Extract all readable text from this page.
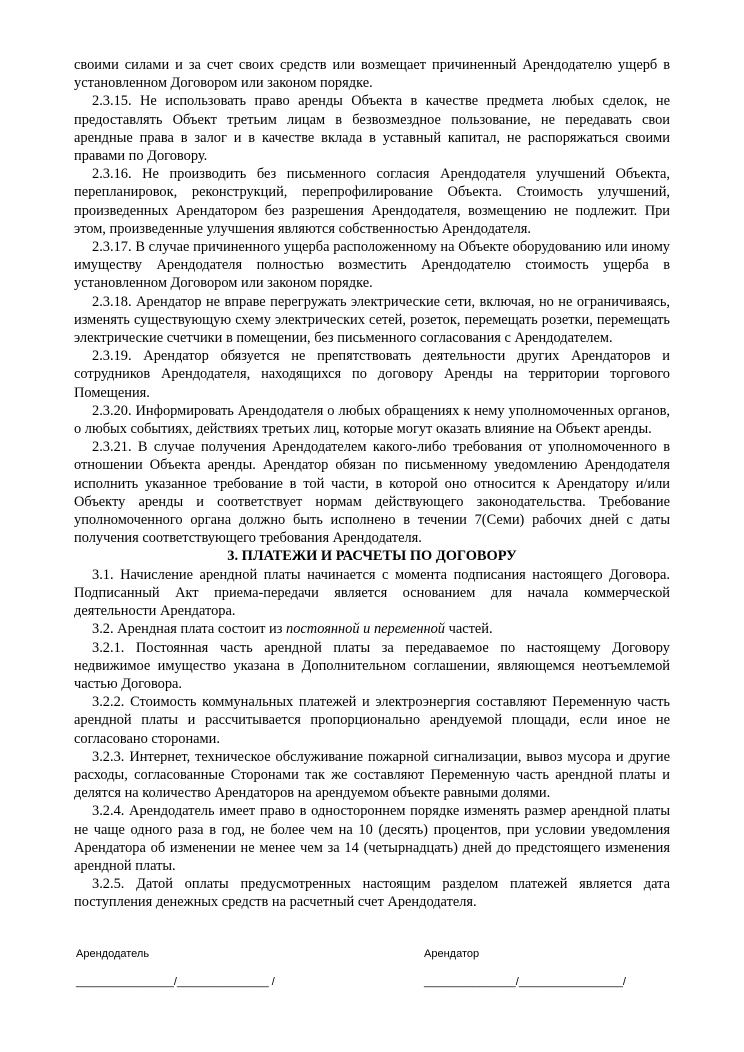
своими силами и за счет своих средств или возмещает причиненный Арендодателю ущерб в установленном Договором или законом порядке.

2.3.15. Не использовать право аренды Объекта в качестве предмета любых сделок, не предоставлять Объект третьим лицам в безвозмездное пользование, не передавать свои арендные права в залог и в качестве вклада в уставный капитал, не распоряжаться своими правами по Договору.

2.3.16. Не производить без письменного согласия Арендодателя улучшений Объекта, перепланировок, реконструкций, перепрофилирование Объекта. Стоимость улучшений, произведенных Арендатором без разрешения Арендодателя, возмещению не подлежит. При этом, произведенные улучшения являются собственностью Арендодателя.

2.3.17. В случае причиненного ущерба расположенному на Объекте оборудованию или иному имуществу Арендодателя полностью возместить Арендодателю стоимость ущерба в установленном Договором или законом порядке.

2.3.18. Арендатор не вправе перегружать электрические сети, включая, но не ограничиваясь, изменять существующую схему электрических сетей, розеток, перемещать розетки, перемещать электрические счетчики в помещении, без письменного согласования с Арендодателем.

2.3.19. Арендатор обязуется не препятствовать деятельности других Арендаторов и сотрудников Арендодателя, находящихся по договору Аренды на территории торгового Помещения.

2.3.20. Информировать Арендодателя о любых обращениях к нему уполномоченных органов, о любых событиях, действиях третьих лиц, которые могут оказать влияние на Объект аренды.

2.3.21. В случае получения Арендодателем какого-либо требования от уполномоченного в отношении Объекта аренды. Арендатор обязан по письменному уведомлению Арендодателя исполнить указанное требование в той части, в которой оно относится к Арендатору и/или Объекту аренды и соответствует нормам действующего законодательства. Требование уполномоченного органа должно быть исполнено в течении 7(Семи) рабочих дней с даты получения соответствующего требования Арендодателя.

3. ПЛАТЕЖИ И РАСЧЕТЫ ПО ДОГОВОРУ

3.1. Начисление арендной платы начинается с момента подписания настоящего Договора. Подписанный Акт приема-передачи является основанием для начала коммерческой деятельности Арендатора.

3.2. Арендная плата состоит из постоянной и переменной частей.

3.2.1. Постоянная часть арендной платы за передаваемое по настоящему Договору недвижимое имущество указана в Дополнительном соглашении, являющемся неотъемлемой частью Договора.

3.2.2. Стоимость коммунальных платежей и электроэнергия составляют Переменную часть арендной платы и рассчитывается пропорционально арендуемой площади, если иное не согласовано сторонами.

3.2.3. Интернет, техническое обслуживание пожарной сигнализации, вывоз мусора и другие расходы, согласованные Сторонами так же составляют Переменную часть арендной платы и делятся на количество Арендаторов на арендуемом объекте равными долями.

3.2.4. Арендодатель имеет право в одностороннем порядке изменять размер арендной платы не чаще одного раза в год, не более чем на 10 (десять) процентов, при условии уведомления Арендатора об изменении не менее чем за 14 (четырнадцать) дней до предстоящего изменения арендной платы.

3.2.5. Датой оплаты предусмотренных настоящим разделом платежей является дата поступления денежных средств на расчетный счет Арендодателя.

Арендодатель
________________/_______________ /
Арендатор
_______________/_________________/
